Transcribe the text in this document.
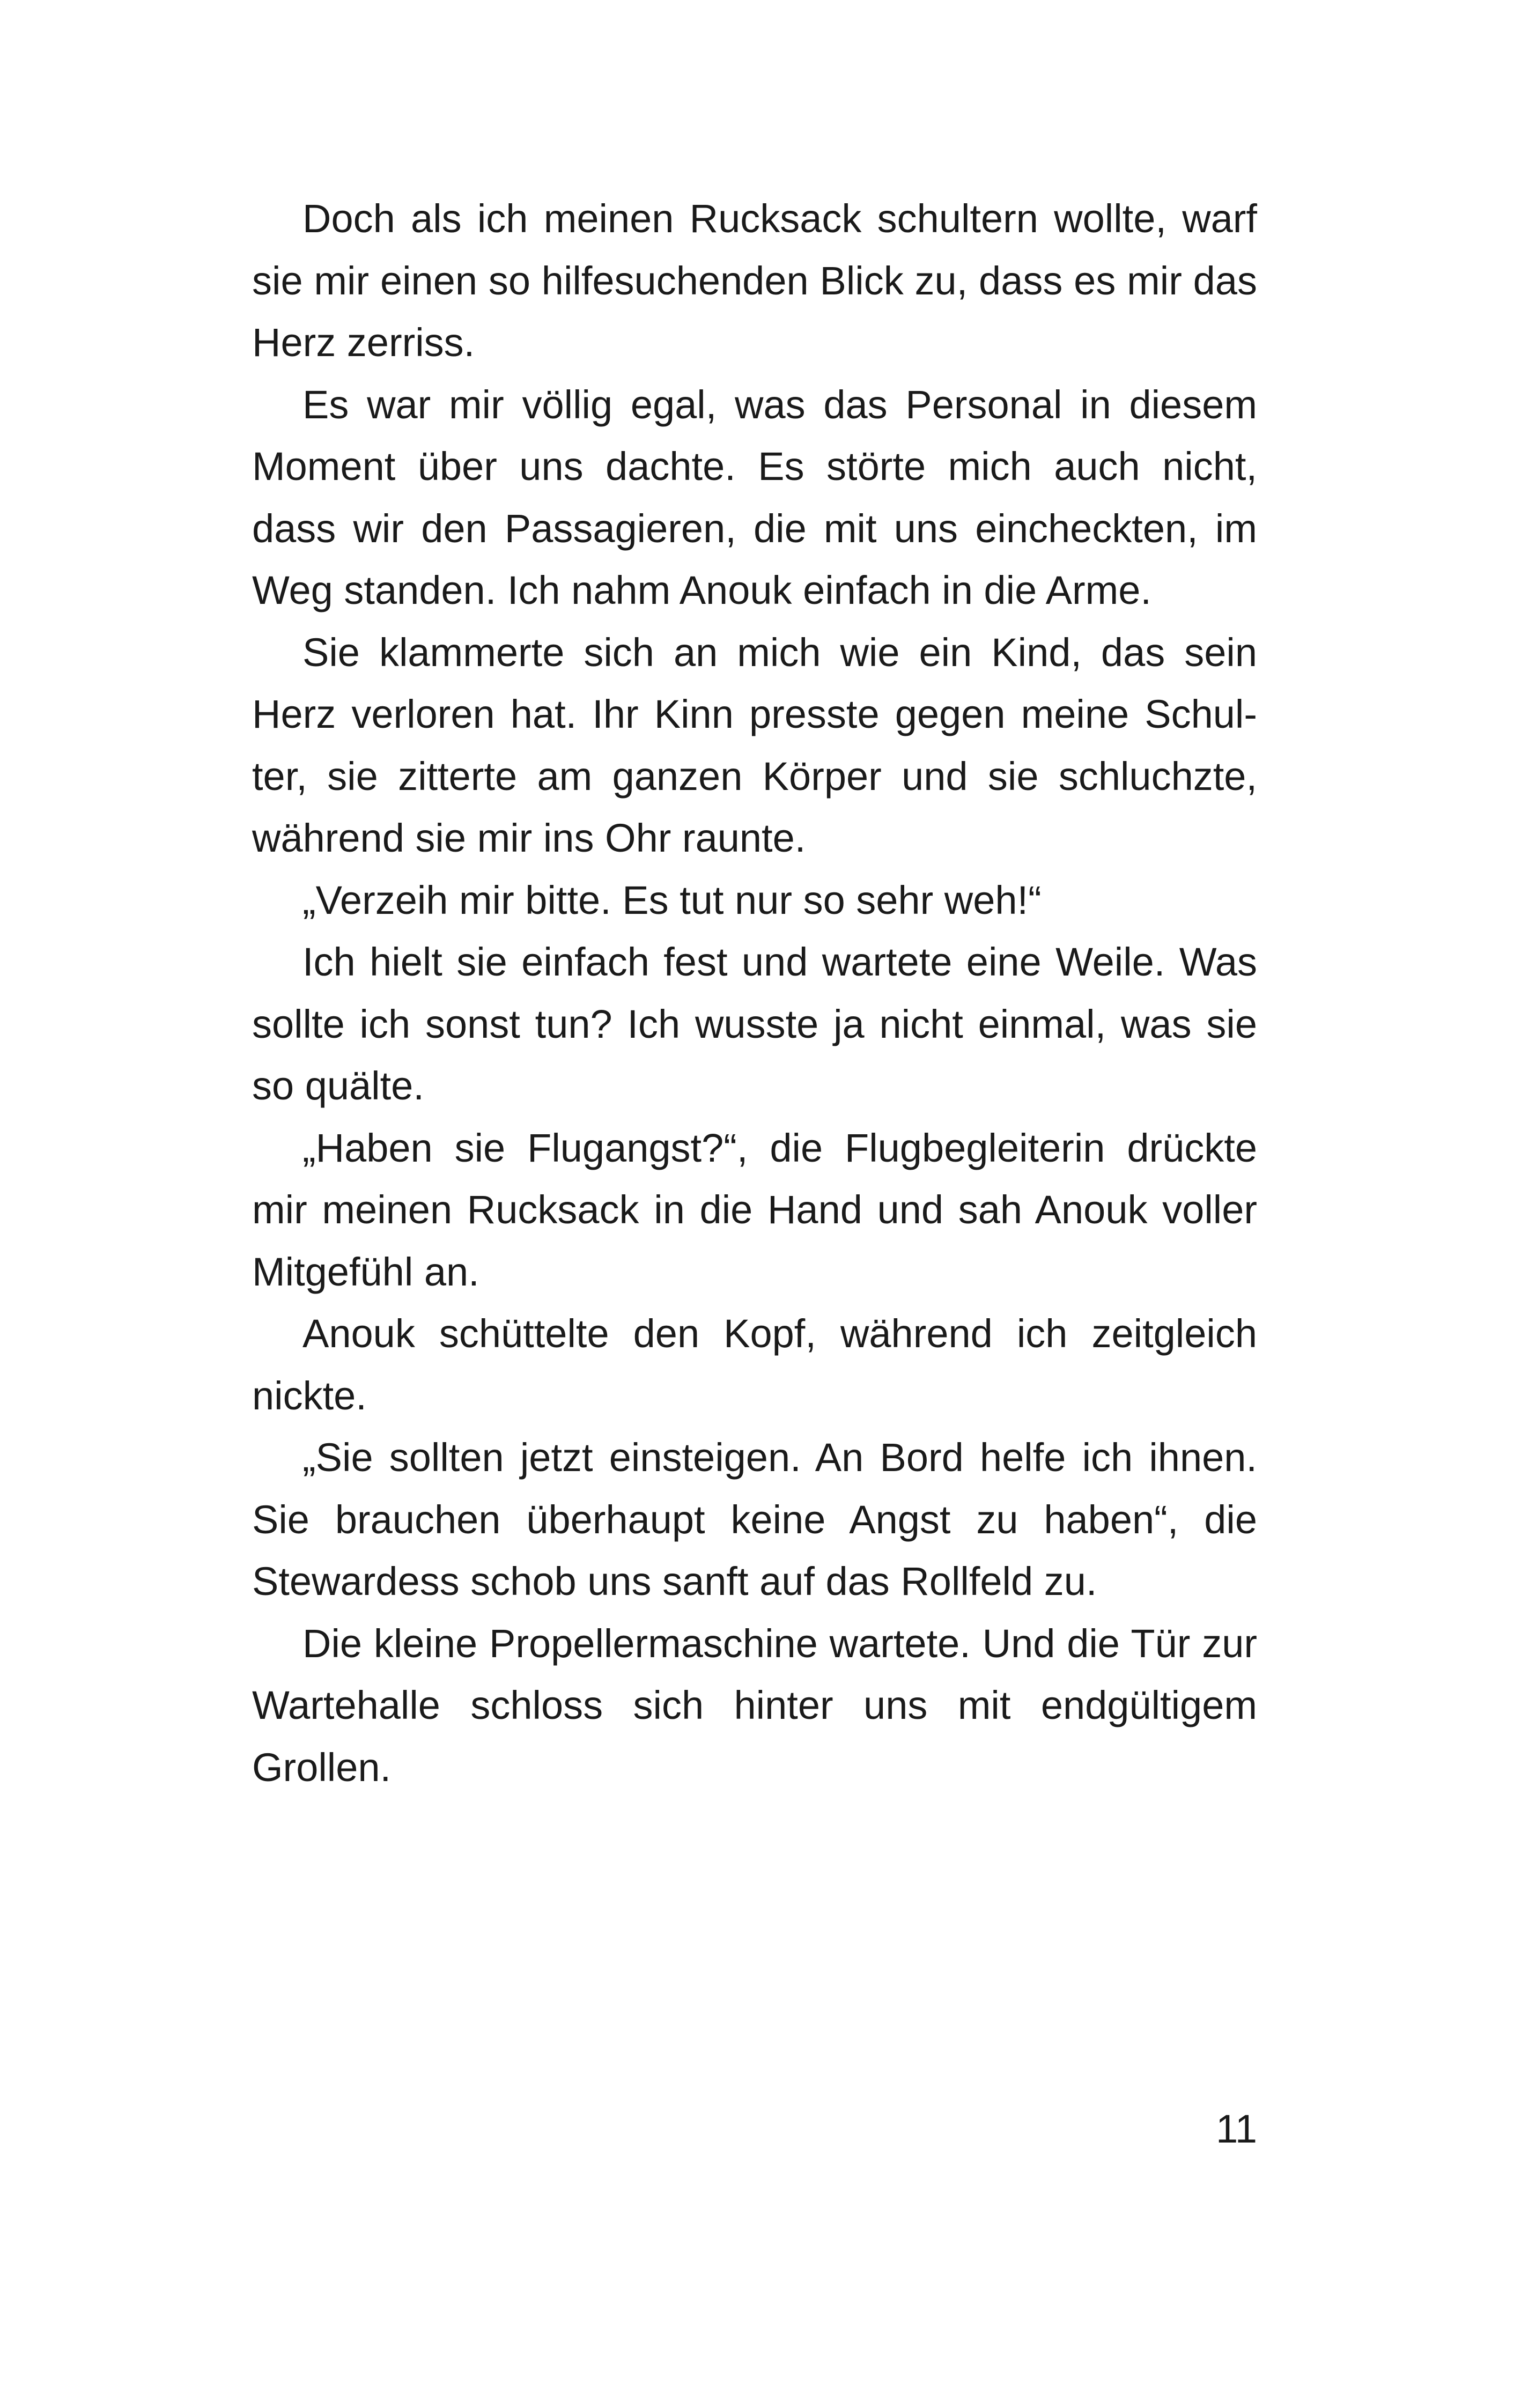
Doch als ich meinen Rucksack schultern wollte, warf sie mir einen so hilfesuchenden Blick zu, dass es mir das Herz zerriss.

Es war mir völlig egal, was das Personal in diesem Moment über uns dachte. Es störte mich auch nicht, dass wir den Passagieren, die mit uns eincheckten, im Weg standen. Ich nahm Anouk einfach in die Arme.

Sie klammerte sich an mich wie ein Kind, das sein Herz verloren hat. Ihr Kinn presste gegen meine Schulter, sie zitterte am ganzen Körper und sie schluchzte, während sie mir ins Ohr raunte.

„Verzeih mir bitte. Es tut nur so sehr weh!“

Ich hielt sie einfach fest und wartete eine Weile. Was sollte ich sonst tun? Ich wusste ja nicht einmal, was sie so quälte.

„Haben sie Flugangst?“, die Flugbegleiterin drückte mir meinen Rucksack in die Hand und sah Anouk voller Mitgefühl an.

Anouk schüttelte den Kopf, während ich zeitgleich nickte.

„Sie sollten jetzt einsteigen. An Bord helfe ich ihnen. Sie brauchen überhaupt keine Angst zu haben“, die Stewardess schob uns sanft auf das Rollfeld zu.

Die kleine Propellermaschine wartete. Und die Tür zur Wartehalle schloss sich hinter uns mit endgültigem Grollen.

11
